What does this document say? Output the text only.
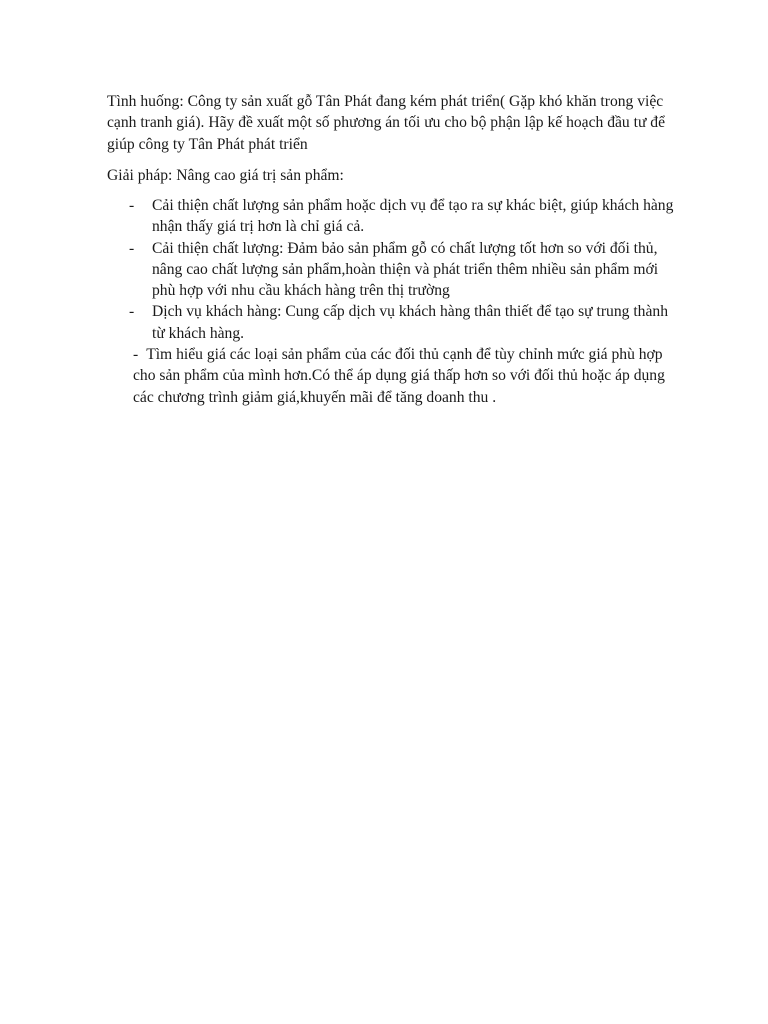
Tình huống: Công ty sản xuất gỗ Tân Phát đang kém phát triển( Gặp khó khăn trong việc cạnh tranh giá). Hãy đề xuất một số phương án tối ưu cho bộ phận lập kế hoạch đầu tư để giúp công ty Tân Phát phát triển

Giải pháp: Nâng cao giá trị sản phẩm:

- Cải thiện chất lượng sản phẩm hoặc dịch vụ để tạo ra sự khác biệt, giúp khách hàng nhận thấy giá trị hơn là chỉ giá cả.
- Cải thiện chất lượng: Đảm bảo sản phẩm gỗ có chất lượng tốt hơn so với đối thủ, nâng cao chất lượng sản phẩm,hoàn thiện và phát triển thêm nhiều sản phẩm mới phù hợp với nhu cầu khách hàng trên thị trường
- Dịch vụ khách hàng: Cung cấp dịch vụ khách hàng thân thiết để tạo sự trung thành từ khách hàng.

- Tìm hiểu giá các loại sản phẩm của các đối thủ cạnh để tùy chỉnh mức giá phù hợp cho sản phẩm của mình hơn.Có thể áp dụng giá thấp hơn so với đối thủ hoặc áp dụng các chương trình giảm giá,khuyến mãi để tăng doanh thu .
